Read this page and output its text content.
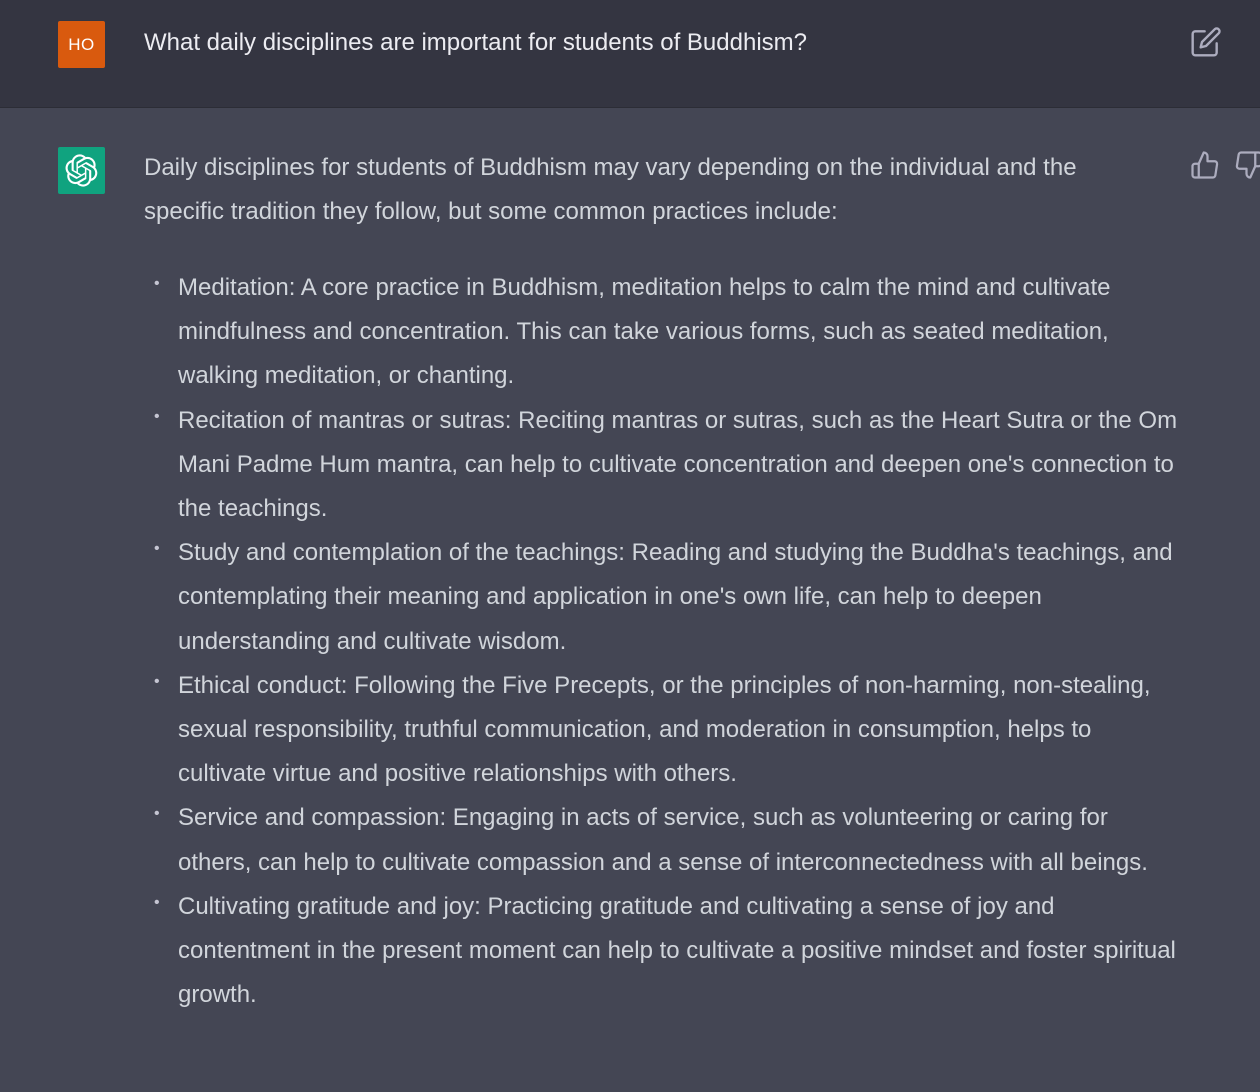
HO	What daily disciplines are important for students of Buddhism?

Daily disciplines for students of Buddhism may vary depending on the individual and the specific tradition they follow, but some common practices include:

• Meditation: A core practice in Buddhism, meditation helps to calm the mind and cultivate mindfulness and concentration. This can take various forms, such as seated meditation, walking meditation, or chanting.
• Recitation of mantras or sutras: Reciting mantras or sutras, such as the Heart Sutra or the Om Mani Padme Hum mantra, can help to cultivate concentration and deepen one's connection to the teachings.
• Study and contemplation of the teachings: Reading and studying the Buddha's teachings, and contemplating their meaning and application in one's own life, can help to deepen understanding and cultivate wisdom.
• Ethical conduct: Following the Five Precepts, or the principles of non-harming, non-stealing, sexual responsibility, truthful communication, and moderation in consumption, helps to cultivate virtue and positive relationships with others.
• Service and compassion: Engaging in acts of service, such as volunteering or caring for others, can help to cultivate compassion and a sense of interconnectedness with all beings.
• Cultivating gratitude and joy: Practicing gratitude and cultivating a sense of joy and contentment in the present moment can help to cultivate a positive mindset and foster spiritual growth.
